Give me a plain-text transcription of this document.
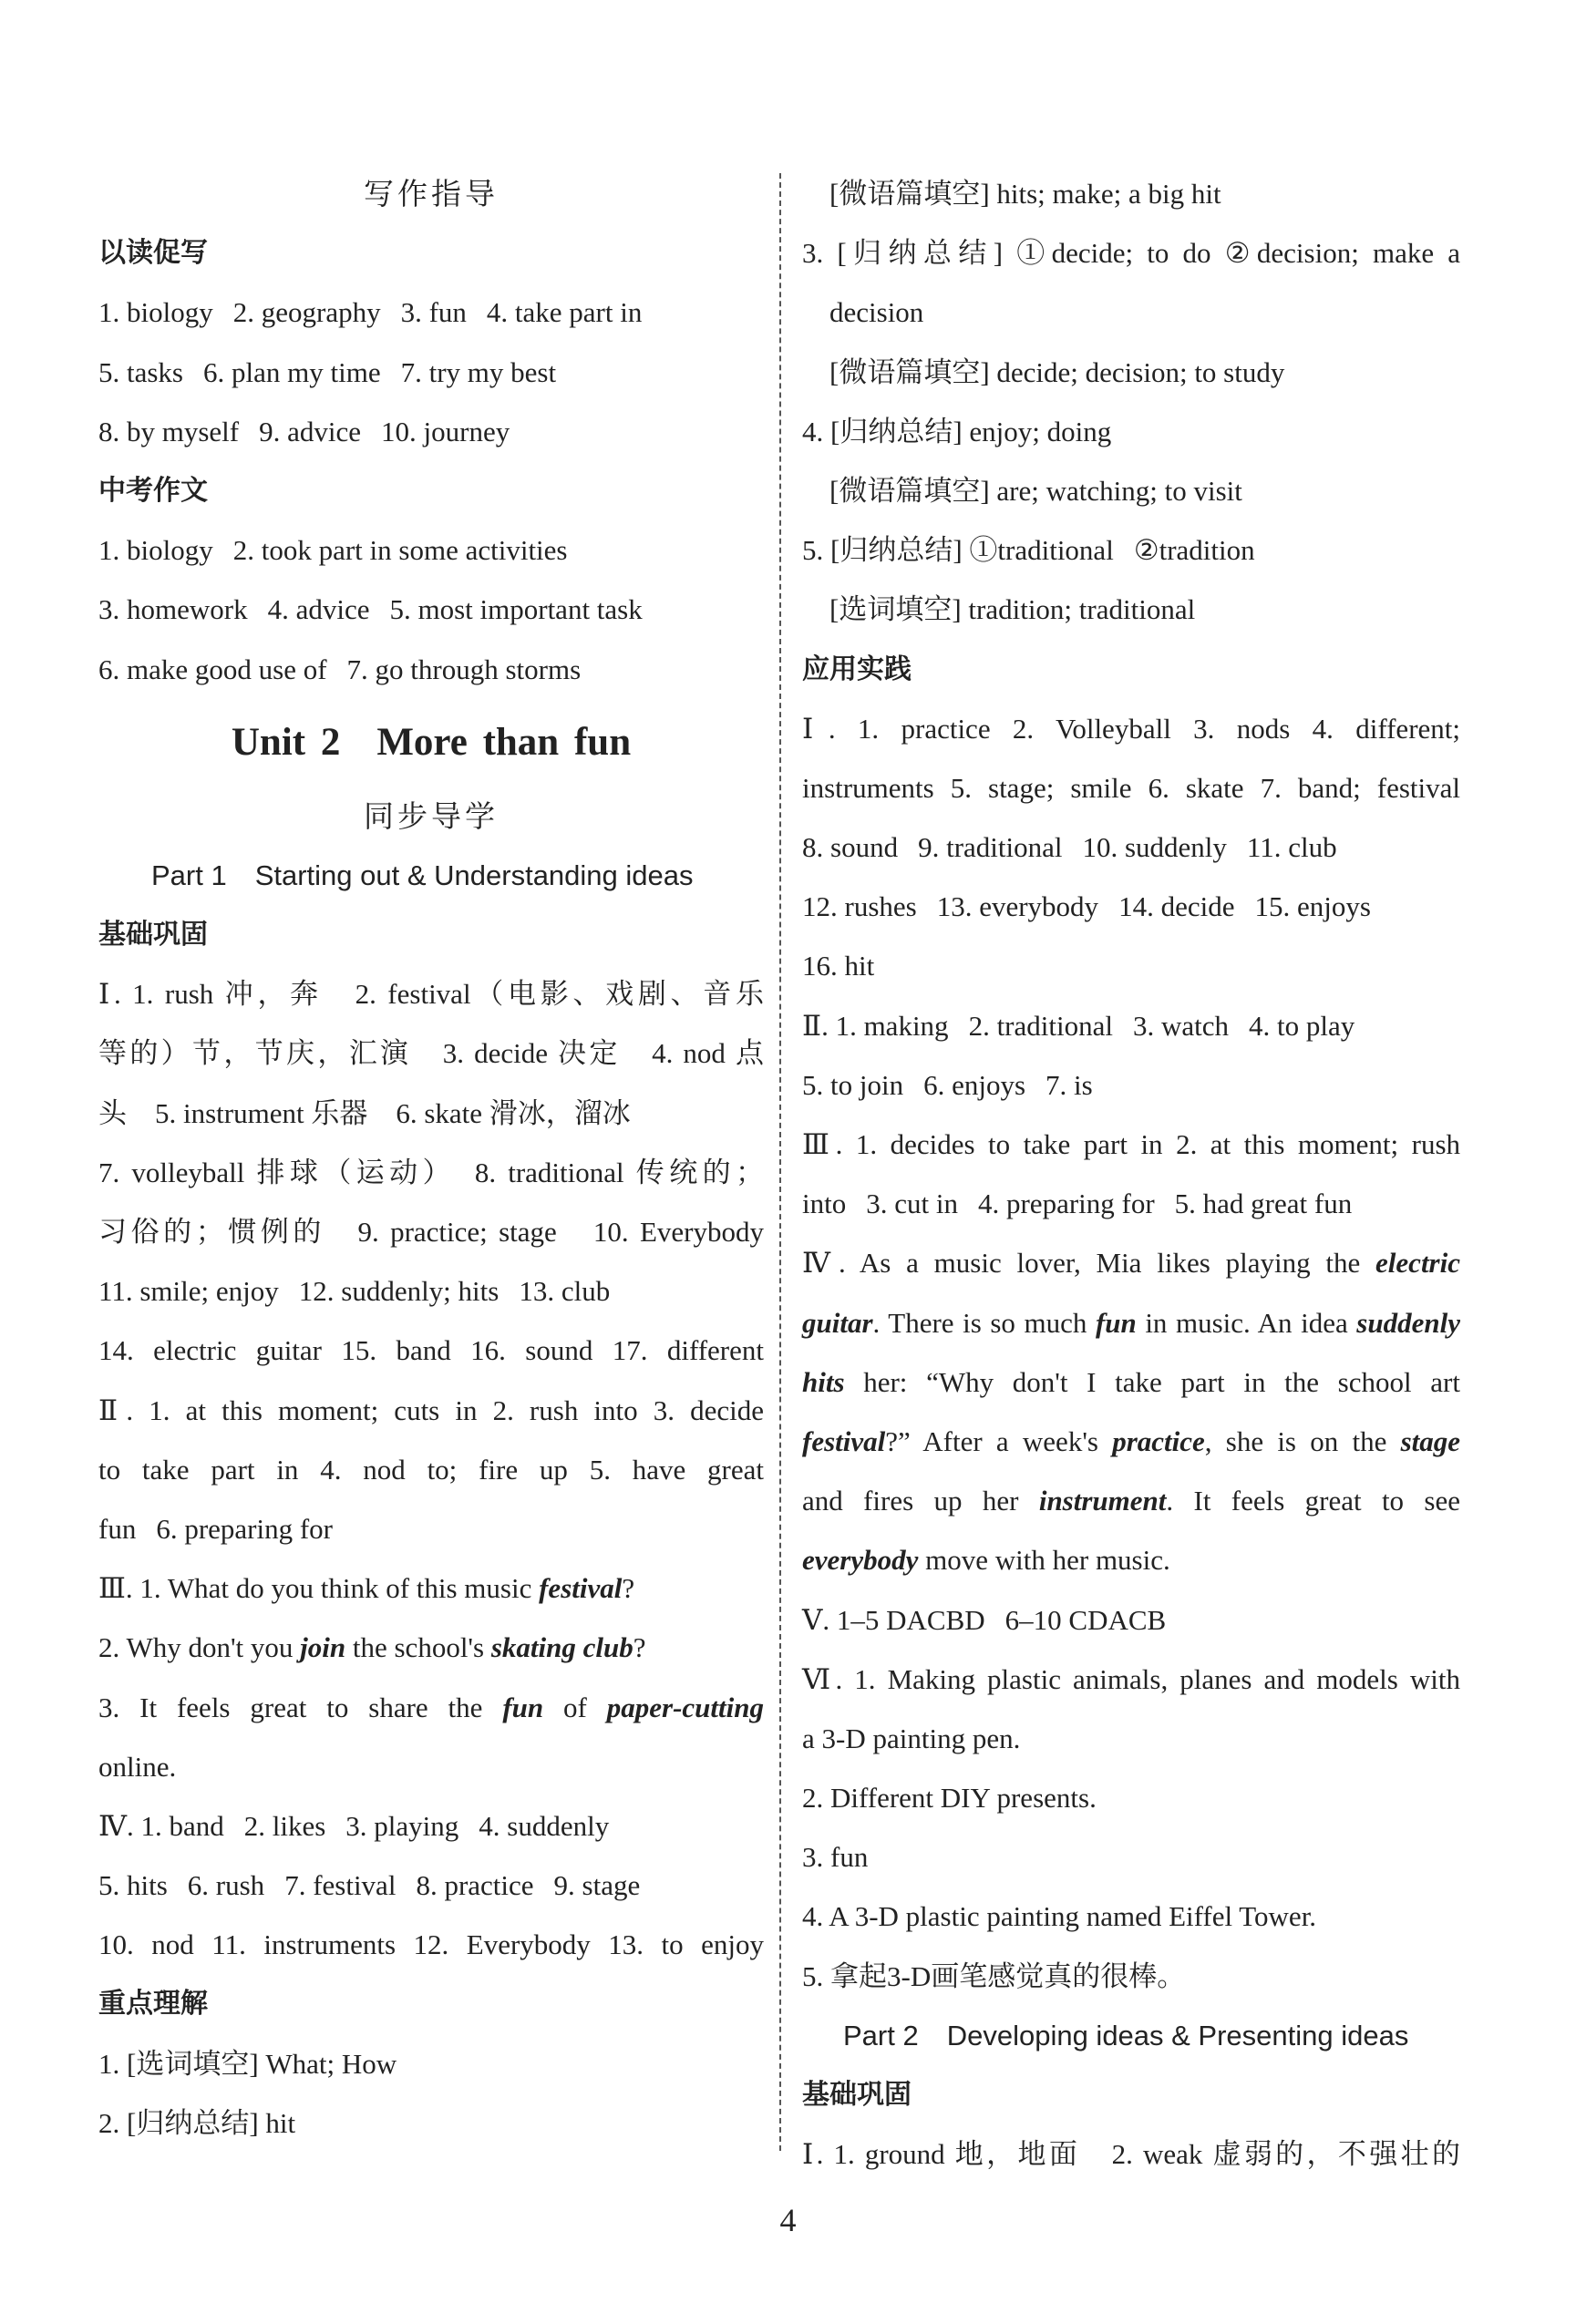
写作指导
以读促写
1. biology 2. geography 3. fun 4. take part in
5. tasks 6. plan my time 7. try my best
8. by myself 9. advice 10. journey
中考作文
1. biology 2. took part in some activities
3. homework 4. advice 5. most important task
6. make good use of 7. go through storms
Unit 2 More than fun
同步导学
Part 1　Starting out & Understanding ideas
基础巩固
Ⅰ. 1. rush 冲，奔　2. festival（电影、戏剧、音乐
等的）节，节庆，汇演　3. decide 决定　4. nod 点
头　5. instrument 乐器　6. skate 滑冰，溜冰
7. volleyball 排球（运动）　8. traditional 传统的；
习俗的；惯例的　9. practice; stage　10. Everybody
11. smile; enjoy 12. suddenly; hits 13. club
14. electric guitar 15. band 16. sound 17. different
Ⅱ. 1. at this moment; cuts in 2. rush into 3. decide
to take part in 4. nod to; fire up 5. have great
fun 6. preparing for
Ⅲ. 1. What do you think of this music festival?
2. Why don't you join the school's skating club?
3. It feels great to share the fun of paper-cutting
online.
Ⅳ. 1. band 2. likes 3. playing 4. suddenly
5. hits 6. rush 7. festival 8. practice 9. stage
10. nod 11. instruments 12. Everybody 13. to enjoy
重点理解
1. [选词填空] What; How
2. [归纳总结] hit
[微语篇填空] hits; make; a big hit
3. [归纳总结] ①decide; to do ②decision; make a
decision
[微语篇填空] decide; decision; to study
4. [归纳总结] enjoy; doing
[微语篇填空] are; watching; to visit
5. [归纳总结] ①traditional ②tradition
[选词填空] tradition; traditional
应用实践
Ⅰ. 1. practice 2. Volleyball 3. nods 4. different;
instruments 5. stage; smile 6. skate 7. band; festival
8. sound 9. traditional 10. suddenly 11. club
12. rushes 13. everybody 14. decide 15. enjoys
16. hit
Ⅱ. 1. making 2. traditional 3. watch 4. to play
5. to join 6. enjoys 7. is
Ⅲ. 1. decides to take part in 2. at this moment; rush
into 3. cut in 4. preparing for 5. had great fun
Ⅳ. As a music lover, Mia likes playing the electric
guitar. There is so much fun in music. An idea suddenly
hits her: “Why don't I take part in the school art
festival?” After a week's practice, she is on the stage
and fires up her instrument. It feels great to see
everybody move with her music.
Ⅴ. 1–5 DACBD 6–10 CDACB
Ⅵ. 1. Making plastic animals, planes and models with
a 3-D painting pen.
2. Different DIY presents.
3. fun
4. A 3-D plastic painting named Eiffel Tower.
5. 拿起3-D画笔感觉真的很棒。
Part 2　Developing ideas & Presenting ideas
基础巩固
Ⅰ. 1. ground 地，地面　2. weak 虚弱的，不强壮的
4
